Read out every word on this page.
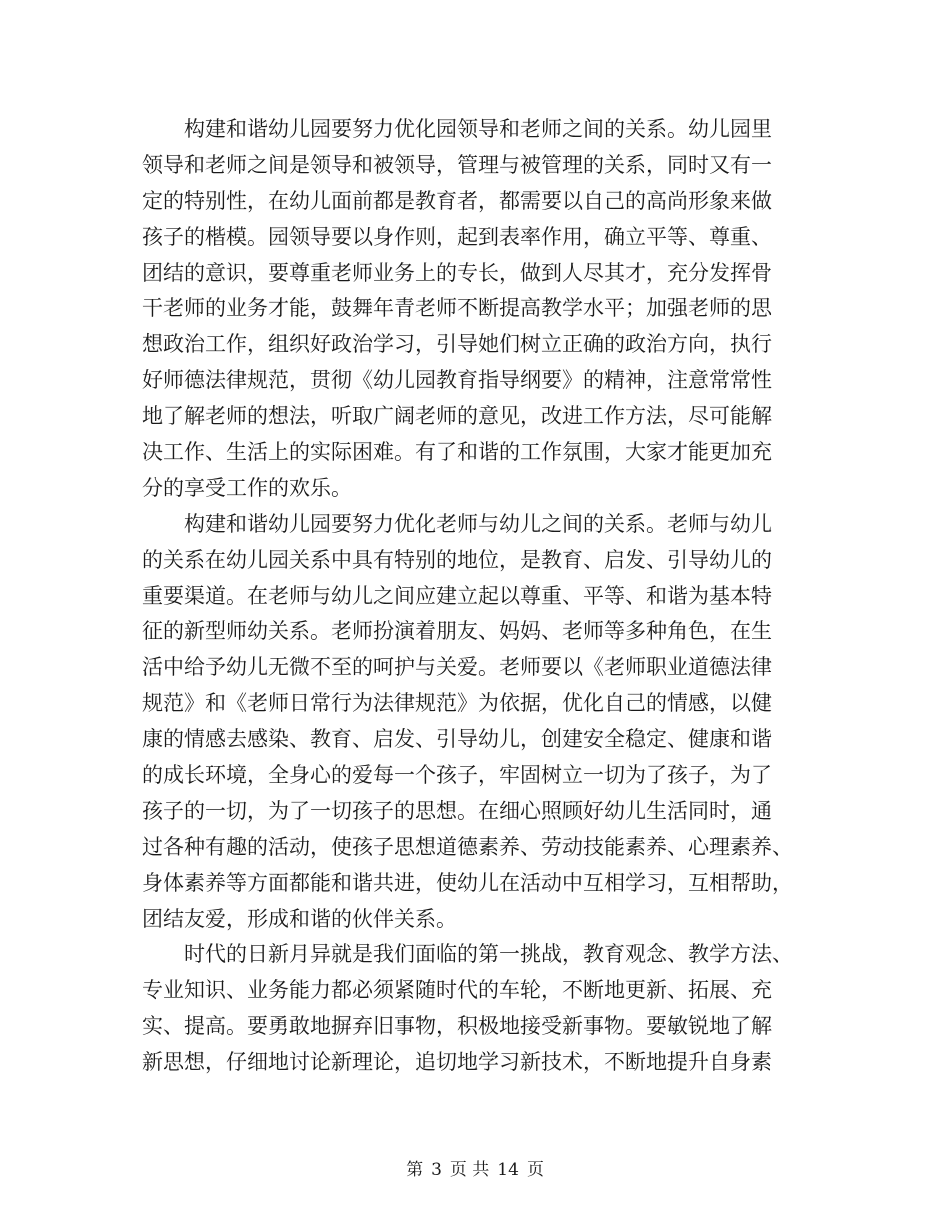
构建和谐幼儿园要努力优化园领导和老师之间的关系。幼儿园里
领导和老师之间是领导和被领导，管理与被管理的关系，同时又有一
定的特别性，在幼儿面前都是教育者，都需要以自己的高尚形象来做
孩子的楷模。园领导要以身作则，起到表率作用，确立平等、尊重、
团结的意识，要尊重老师业务上的专长，做到人尽其才，充分发挥骨
干老师的业务才能，鼓舞年青老师不断提高教学水平；加强老师的思
想政治工作，组织好政治学习，引导她们树立正确的政治方向，执行
好师德法律规范，贯彻《幼儿园教育指导纲要》的精神，注意常常性
地了解老师的想法，听取广阔老师的意见，改进工作方法，尽可能解
决工作、生活上的实际困难。有了和谐的工作氛围，大家才能更加充
分的享受工作的欢乐。
构建和谐幼儿园要努力优化老师与幼儿之间的关系。老师与幼儿
的关系在幼儿园关系中具有特别的地位，是教育、启发、引导幼儿的
重要渠道。在老师与幼儿之间应建立起以尊重、平等、和谐为基本特
征的新型师幼关系。老师扮演着朋友、妈妈、老师等多种角色，在生
活中给予幼儿无微不至的呵护与关爱。老师要以《老师职业道德法律
规范》和《老师日常行为法律规范》为依据，优化自己的情感，以健
康的情感去感染、教育、启发、引导幼儿，创建安全稳定、健康和谐
的成长环境，全身心的爱每一个孩子，牢固树立一切为了孩子，为了
孩子的一切，为了一切孩子的思想。在细心照顾好幼儿生活同时，通
过各种有趣的活动，使孩子思想道德素养、劳动技能素养、心理素养、
身体素养等方面都能和谐共进，使幼儿在活动中互相学习，互相帮助，
团结友爱，形成和谐的伙伴关系。
时代的日新月异就是我们面临的第一挑战，教育观念、教学方法、
专业知识、业务能力都必须紧随时代的车轮，不断地更新、拓展、充
实、提高。要勇敢地摒弃旧事物，积极地接受新事物。要敏锐地了解
新思想，仔细地讨论新理论，追切地学习新技术，不断地提升自身素
第 3 页 共 14 页
